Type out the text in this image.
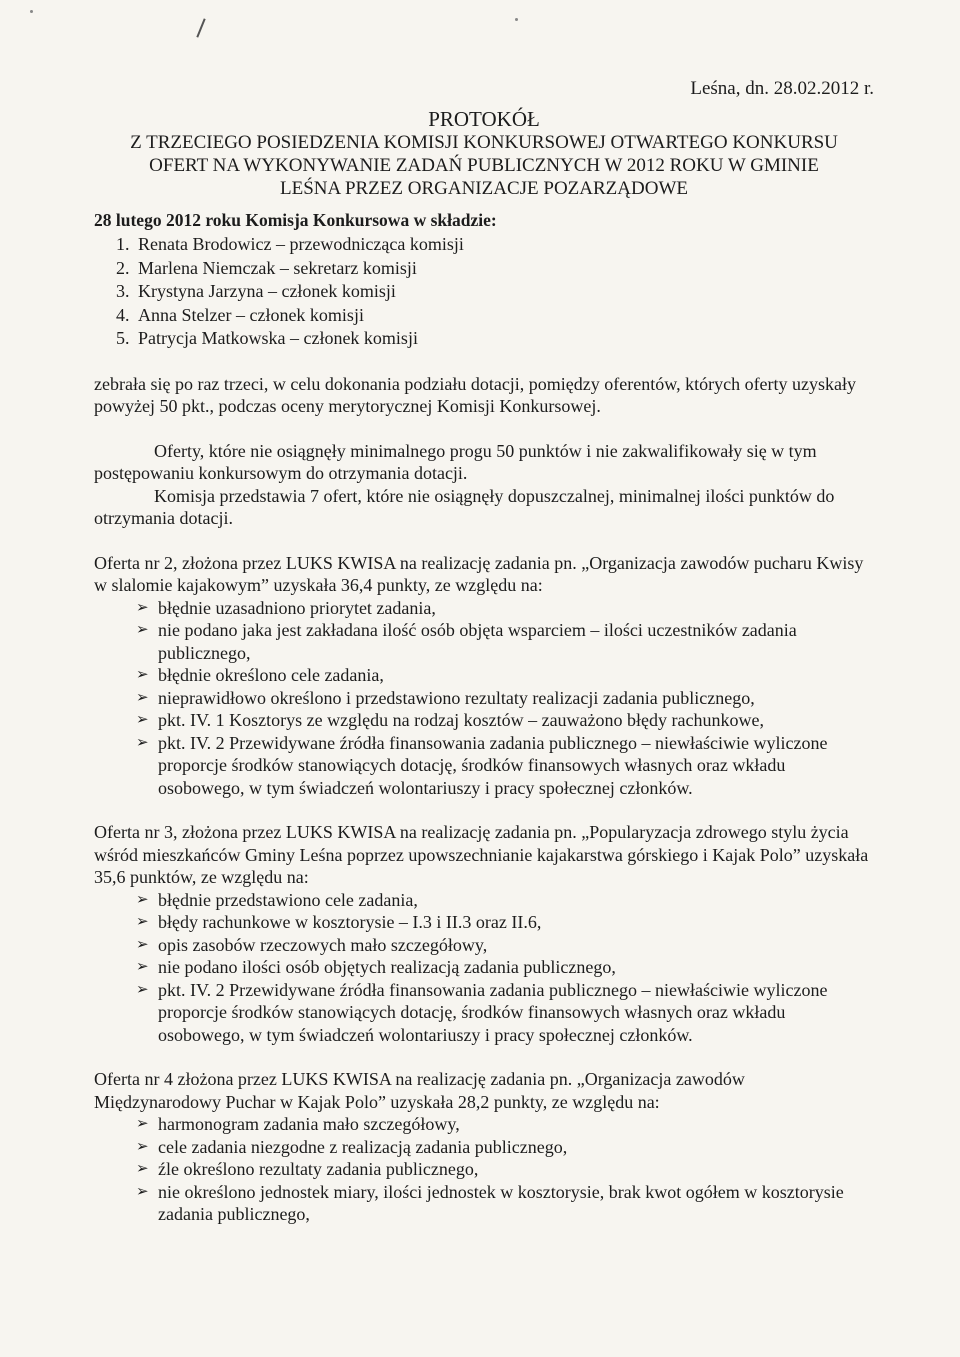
Leśna, dn. 28.02.2012 r.
PROTOKÓŁ
Z TRZECIEGO POSIEDZENIA KOMISJI KONKURSOWEJ OTWARTEGO KONKURSU
OFERT NA WYKONYWANIE ZADAŃ PUBLICZNYCH W 2012 ROKU W GMINIE
LEŚNA PRZEZ ORGANIZACJE POZARZĄDOWE
28 lutego 2012 roku Komisja Konkursowa w składzie:
1. Renata Brodowicz – przewodnicząca komisji
2. Marlena Niemczak – sekretarz komisji
3. Krystyna Jarzyna – członek komisji
4. Anna Stelzer – członek komisji
5. Patrycja Matkowska – członek komisji

zebrała się po raz trzeci, w celu dokonania podziału dotacji, pomiędzy oferentów, których oferty uzyskały powyżej 50 pkt., podczas oceny merytorycznej Komisji Konkursowej.

Oferty, które nie osiągnęły minimalnego progu 50 punktów i nie zakwalifikowały się w tym postępowaniu konkursowym do otrzymania dotacji.

Komisja przedstawia 7 ofert, które nie osiągnęły dopuszczalnej, minimalnej ilości punktów do otrzymania dotacji.

Oferta nr 2, złożona przez LUKS KWISA na realizację zadania pn. „Organizacja zawodów pucharu Kwisy w slalomie kajakowym” uzyskała 36,4 punkty, ze względu na:

➢ błędnie uzasadniono priorytet zadania,
➢ nie podano jaka jest zakładana ilość osób objęta wsparciem – ilości uczestników zadania publicznego,
➢ błędnie określono cele zadania,
➢ nieprawidłowo określono i przedstawiono rezultaty realizacji zadania publicznego,
➢ pkt. IV. 1 Kosztorys ze względu na rodzaj kosztów – zauważono błędy rachunkowe,
➢ pkt. IV. 2 Przewidywane źródła finansowania zadania publicznego – niewłaściwie wyliczone proporcje środków stanowiących dotację, środków finansowych własnych oraz wkładu osobowego, w tym świadczeń wolontariuszy i pracy społecznej członków.

Oferta nr 3, złożona przez LUKS KWISA na realizację zadania pn. „Popularyzacja zdrowego stylu życia wśród mieszkańców Gminy Leśna poprzez upowszechnianie kajakarstwa górskiego i Kajak Polo” uzyskała 35,6 punktów, ze względu na:

➢ błędnie przedstawiono cele zadania,
➢ błędy rachunkowe w kosztorysie – I.3 i II.3 oraz II.6,
➢ opis zasobów rzeczowych mało szczegółowy,
➢ nie podano ilości osób objętych realizacją zadania publicznego,
➢ pkt. IV. 2 Przewidywane źródła finansowania zadania publicznego – niewłaściwie wyliczone proporcje środków stanowiących dotację, środków finansowych własnych oraz wkładu osobowego, w tym świadczeń wolontariuszy i pracy społecznej członków.

Oferta nr 4 złożona przez LUKS KWISA na realizację zadania pn. „Organizacja zawodów Międzynarodowy Puchar w Kajak Polo” uzyskała 28,2 punkty, ze względu na:

➢ harmonogram zadania mało szczegółowy,
➢ cele zadania niezgodne z realizacją zadania publicznego,
➢ źle określono rezultaty zadania publicznego,
➢ nie określono jednostek miary, ilości jednostek w kosztorysie, brak kwot ogółem w kosztorysie zadania publicznego,
